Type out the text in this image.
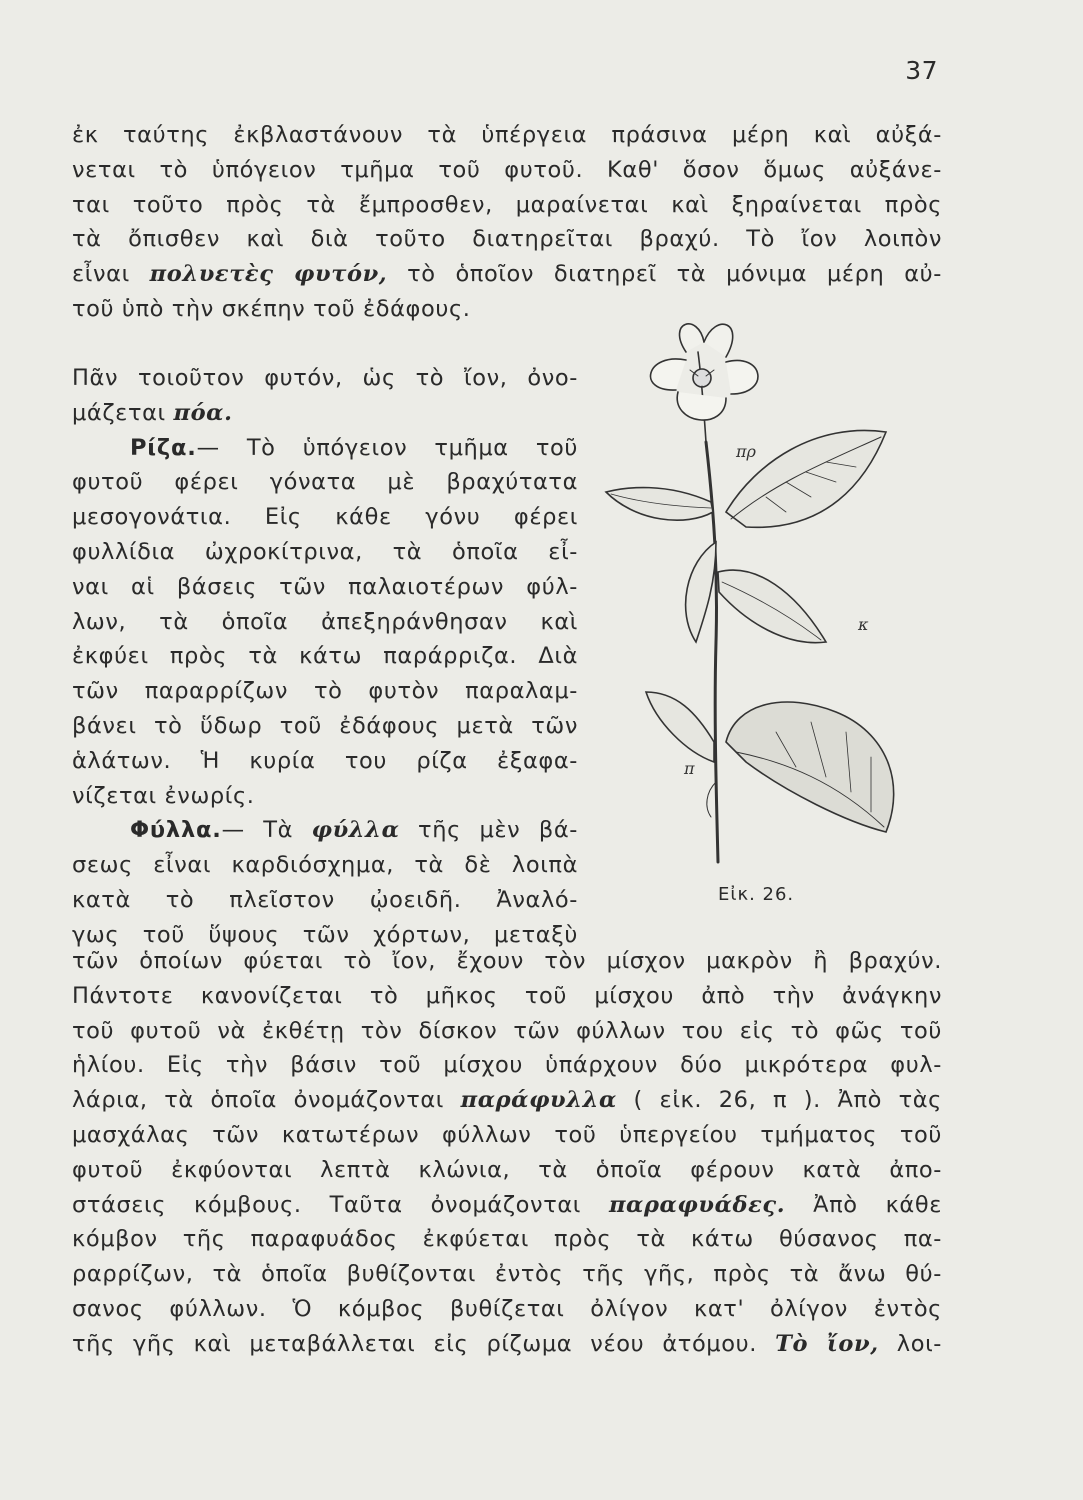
37
ἐκ ταύτης ἐκβλαστάνουν τὰ ὑπέργεια πράσινα μέρη καὶ αὐξά-
νεται τὸ ὑπόγειον τμῆμα τοῦ φυτοῦ. Καθ' ὅσον ὅμως αὐξάνε-
ται τοῦτο πρὸς τὰ ἔμπροσθεν, μαραίνεται καὶ ξηραίνεται πρὸς
τὰ ὄπισθεν καὶ διὰ τοῦτο διατηρεῖται βραχύ. Τὸ ἴον λοιπὸν
εἶναι πολυετὲς φυτόν, τὸ ὁποῖον διατηρεῖ τὰ μόνιμα μέρη αὐ-
τοῦ ὑπὸ τὴν σκέπην τοῦ ἐδάφους.
Πᾶν τοιοῦτον φυτόν, ὡς τὸ ἴον, ὀνο-
μάζεται πόα.
Ρίζα.— Τὸ ὑπόγειον τμῆμα τοῦ
φυτοῦ φέρει γόνατα μὲ βραχύτατα
μεσογονάτια. Εἰς κάθε γόνυ φέρει
φυλλίδια ὠχροκίτρινα, τὰ ὁποῖα εἶ-
ναι αἱ βάσεις τῶν παλαιοτέρων φύλ-
λων, τὰ ὁποῖα ἀπεξηράνθησαν καὶ
ἐκφύει πρὸς τὰ κάτω παράρριζα. Διὰ
τῶν παραρρίζων τὸ φυτὸν παραλαμ-
βάνει τὸ ὕδωρ τοῦ ἐδάφους μετὰ τῶν
ἁλάτων. Ἡ κυρία του ρίζα ἐξαφα-
νίζεται ἐνωρίς.
Φύλλα.— Τὰ φύλλα τῆς μὲν βά-
σεως εἶναι καρδιόσχημα, τὰ δὲ λοιπὰ
κατὰ τὸ πλεῖστον ᾠοειδῆ. Ἀναλό-
γως τοῦ ὕψους τῶν χόρτων, μεταξὺ
πρ
κ
π
Εἰκ. 26.
τῶν ὁποίων φύεται τὸ ἴον, ἔχουν τὸν μίσχον μακρὸν ἢ βραχύν.
Πάντοτε κανονίζεται τὸ μῆκος τοῦ μίσχου ἀπὸ τὴν ἀνάγκην
τοῦ φυτοῦ νὰ ἐκθέτῃ τὸν δίσκον τῶν φύλλων του εἰς τὸ φῶς τοῦ
ἡλίου. Εἰς τὴν βάσιν τοῦ μίσχου ὑπάρχουν δύο μικρότερα φυλ-
λάρια, τὰ ὁποῖα ὀνομάζονται παράφυλλα ( εἰκ. 26, π ). Ἀπὸ τὰς
μασχάλας τῶν κατωτέρων φύλλων τοῦ ὑπεργείου τμήματος τοῦ
φυτοῦ ἐκφύονται λεπτὰ κλώνια, τὰ ὁποῖα φέρουν κατὰ ἀπο-
στάσεις κόμβους. Ταῦτα ὀνομάζονται παραφυάδες. Ἀπὸ κάθε
κόμβον τῆς παραφυάδος ἐκφύεται πρὸς τὰ κάτω θύσανος πα-
ραρρίζων, τὰ ὁποῖα βυθίζονται ἐντὸς τῆς γῆς, πρὸς τὰ ἄνω θύ-
σανος φύλλων. Ὁ κόμβος βυθίζεται ὀλίγον κατ' ὀλίγον ἐντὸς
τῆς γῆς καὶ μεταβάλλεται εἰς ρίζωμα νέου ἀτόμου. Τὸ ἴον, λοι-
